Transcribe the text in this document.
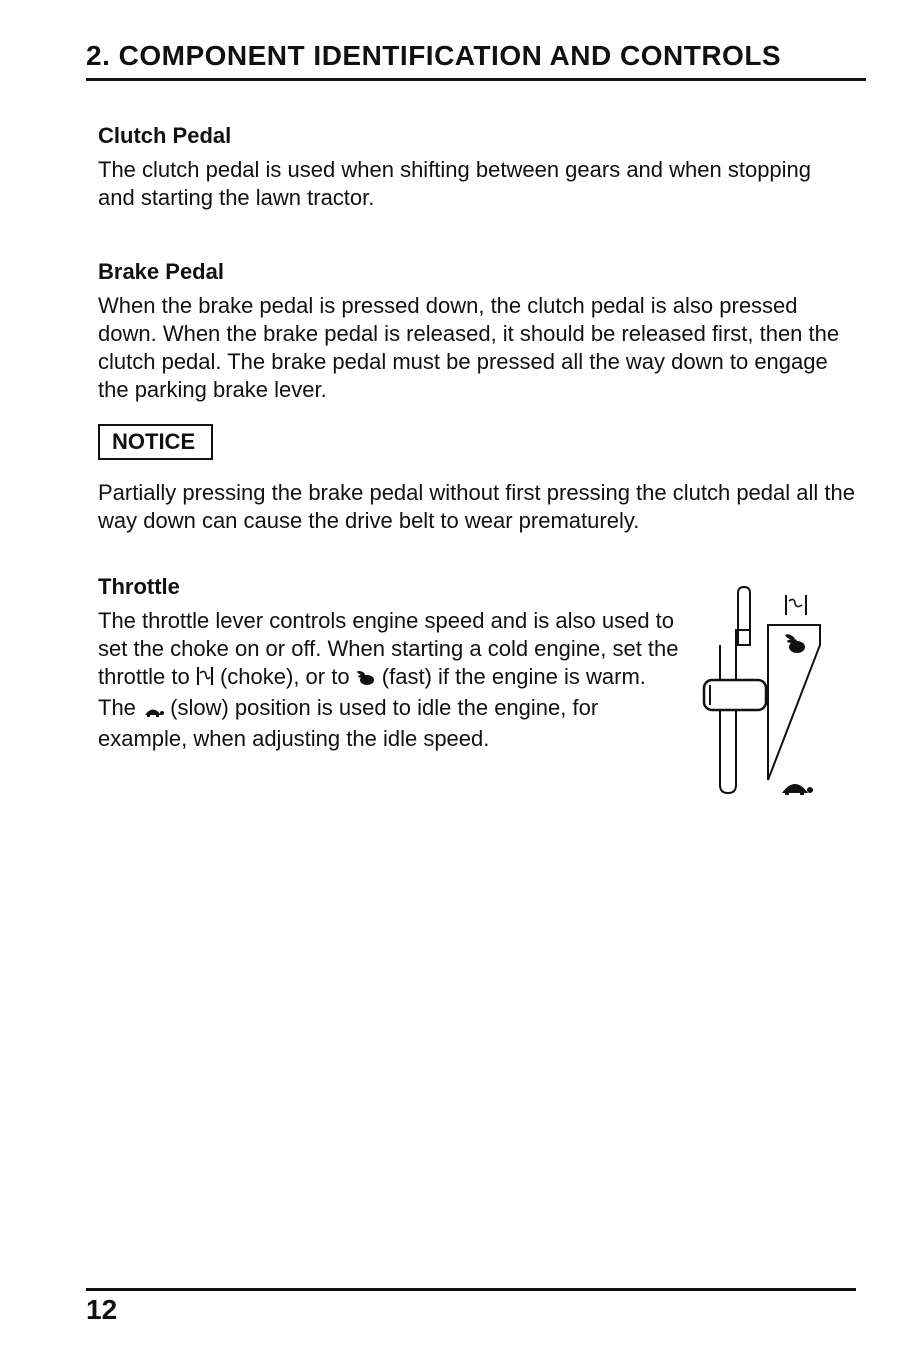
2. COMPONENT IDENTIFICATION AND CONTROLS
Clutch Pedal

The clutch pedal is used when shifting between gears and when stopping and starting the lawn tractor.

Brake Pedal

When the brake pedal is pressed down, the clutch pedal is also pressed down. When the brake pedal is released, it should be released first, then the clutch pedal. The brake pedal must be pressed all the way down to engage the parking brake lever.

NOTICE

Partially pressing the brake pedal without first pressing the clutch pedal all the way down can cause the drive belt to wear prematurely.

Throttle

The throttle lever controls engine speed and is also used to set the choke on or off. When starting a cold engine, set the throttle to  (choke), or to  (fast) if the engine is warm. The  (slow) position is used to idle the engine, for example, when adjusting the idle speed.

12
